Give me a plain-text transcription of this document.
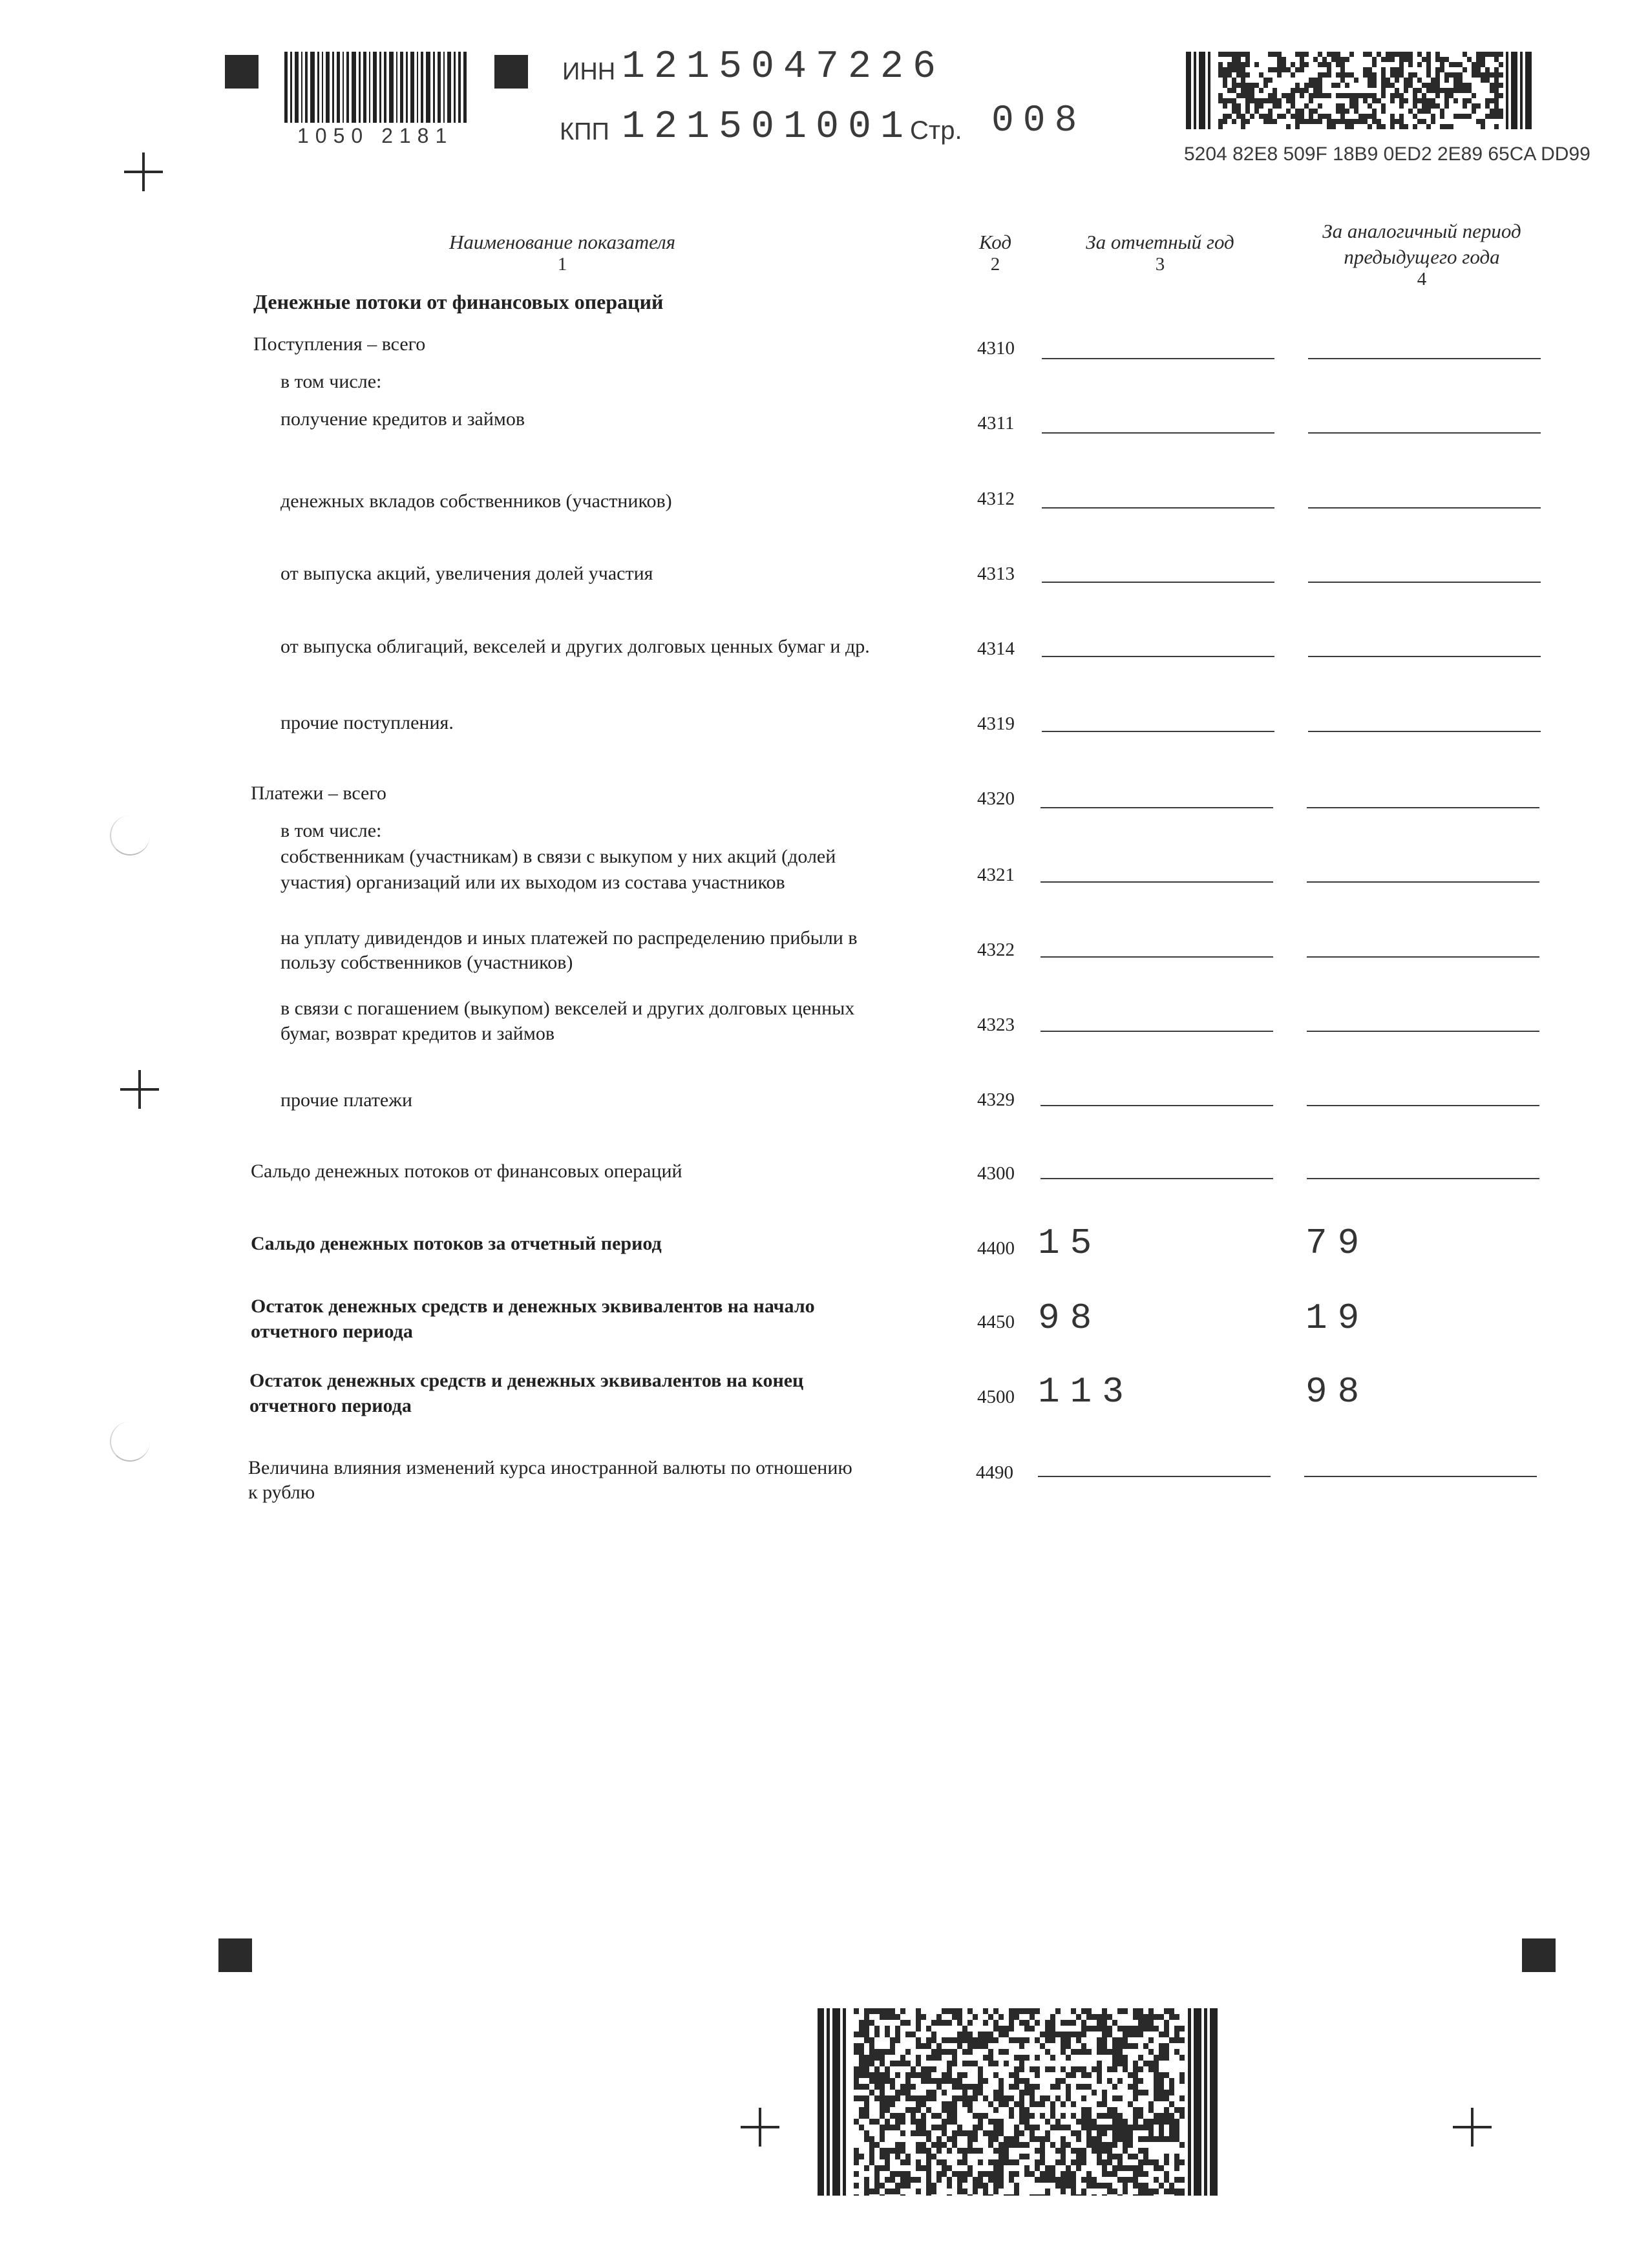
1050 2181
ИНН 1215047226
КПП 121501001
Стр. 008
5204 82E8 509F 18B9 0ED2 2E89 65CA DD99
Наименование показателя
1
Код
2
За отчетный год
3
За аналогичный период
предыдущего года
4
Денежные потоки от финансовых операций
Поступления – всего	4310
в том числе:
получение кредитов и займов	4311
денежных вкладов собственников (участников)	4312
от выпуска акций, увеличения долей участия	4313
от выпуска облигаций, векселей и других долговых ценных бумаг и др.	4314
прочие поступления.	4319
Платежи – всего	4320
в том числе:
собственникам (участникам) в связи с выкупом у них акций (долей
участия) организаций или их выходом из состава участников	4321
на уплату дивидендов и иных платежей по распределению прибыли в
пользу собственников (участников)
4322
в связи с погашением (выкупом) векселей и других долговых ценных
бумаг, возврат кредитов и займов	4323
прочие платежи	4329
Сальдо денежных потоков от финансовых операций	4300
Сальдо денежных потоков за отчетный период	4400 15	79
Остаток денежных средств и денежных эквивалентов на начало
отчетного периода	4450 98	19
Остаток денежных средств и денежных эквивалентов на конец
отчетного периода	4500 113	98
Величина влияния изменений курса иностранной валюты по отношению
к рублю
4490
